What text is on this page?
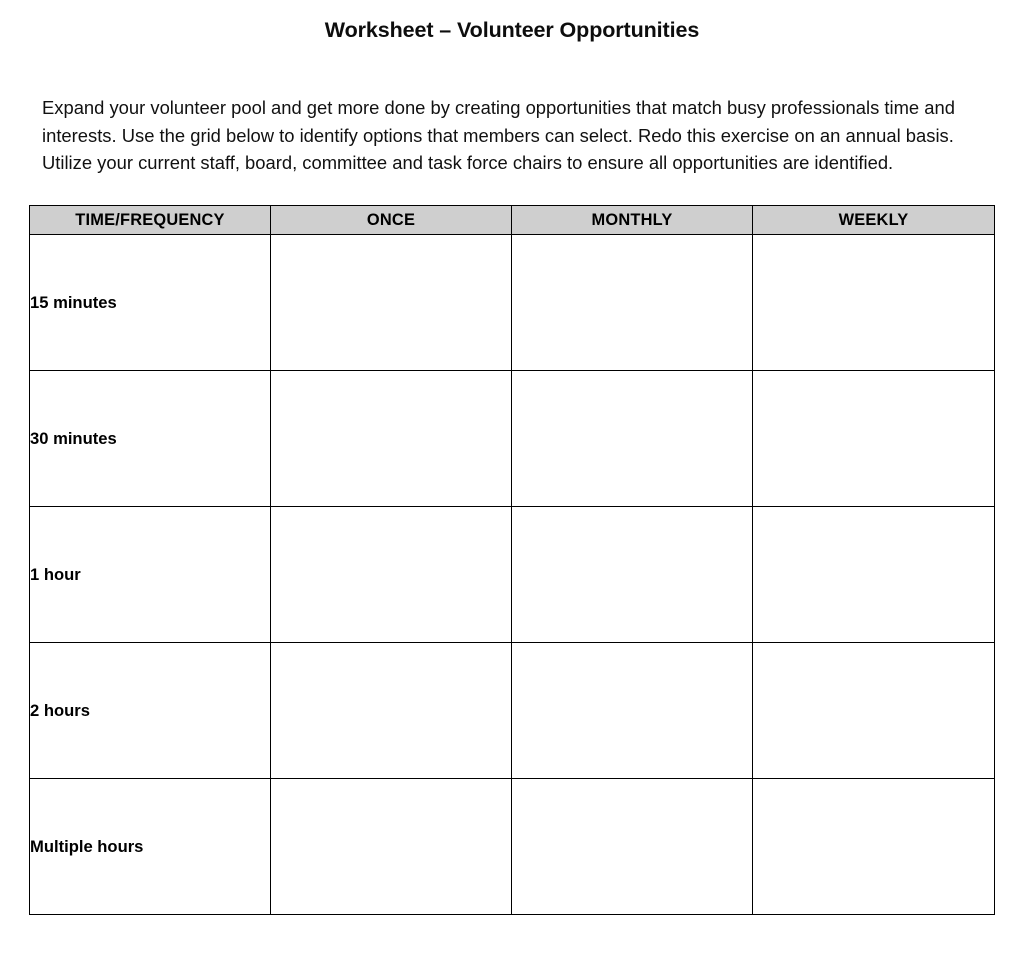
Worksheet – Volunteer Opportunities

Expand your volunteer pool and get more done by creating opportunities that match busy professionals time and interests. Use the grid below to identify options that members can select. Redo this exercise on an annual basis. Utilize your current staff, board, committee and task force chairs to ensure all opportunities are identified.

TIME/FREQUENCY	ONCE	MONTHLY	WEEKLY
15 minutes			
30 minutes			
1 hour			
2 hours			
Multiple hours			
